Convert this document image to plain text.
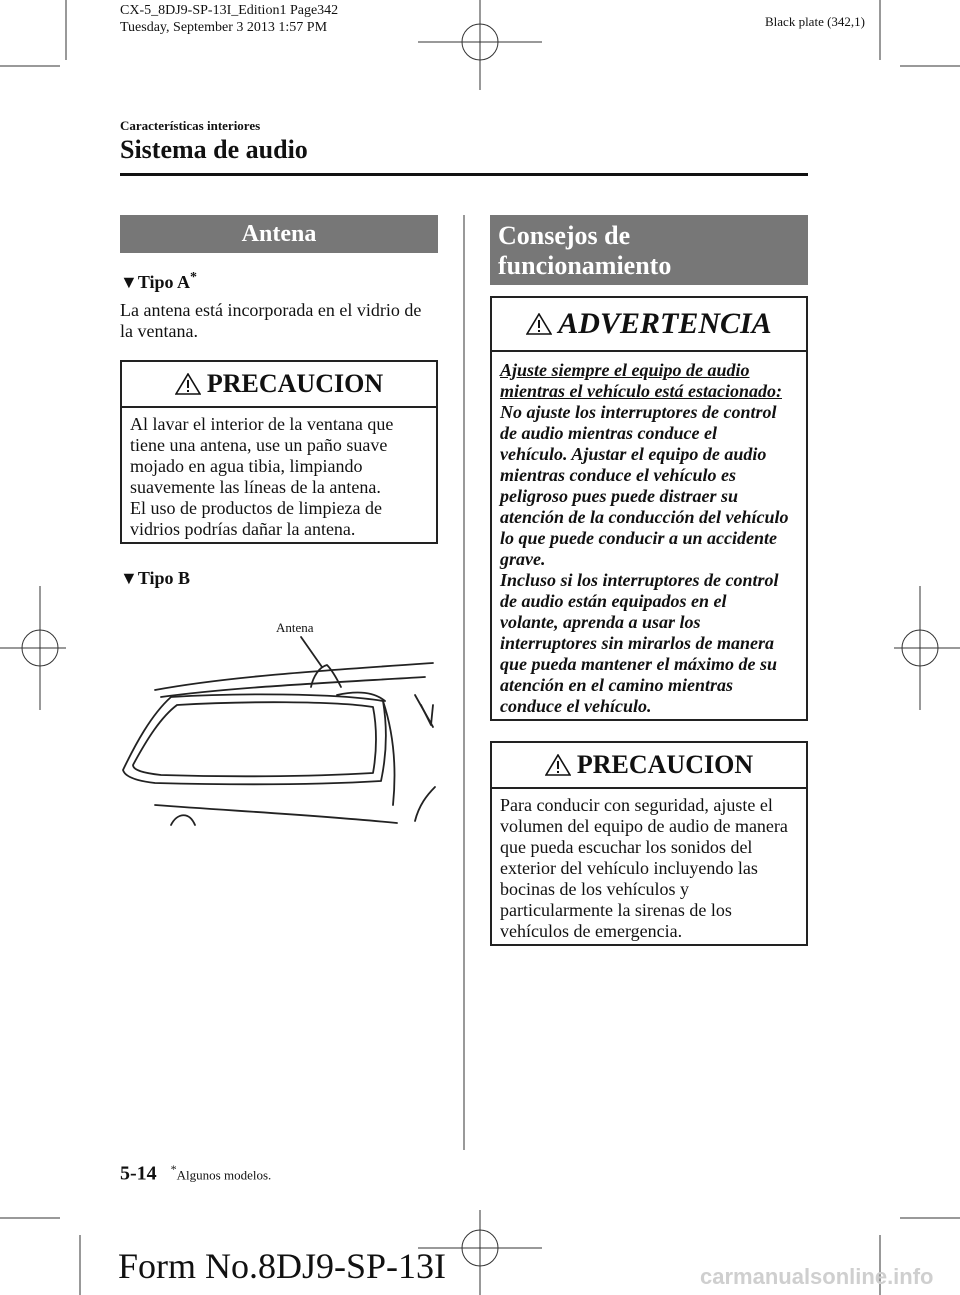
CX-5_8DJ9-SP-13I_Edition1 Page342
Tuesday, September 3 2013 1:57 PM	Black plate (342,1)
Características interiores
Sistema de audio
Antena
▼Tipo A*
La antena está incorporada en el vidrio de
la ventana.
PRECAUCION
Al lavar el interior de la ventana que
tiene una antena, use un paño suave
mojado en agua tibia, limpiando
suavemente las líneas de la antena.
El uso de productos de limpieza de
vidrios podrías dañar la antena.
▼Tipo B
Antena
Consejos de funcionamiento
para el sistema de audio
ADVERTENCIA
Ajuste siempre el equipo de audio
mientras el vehículo está estacionado:
No ajuste los interruptores de control
de audio mientras conduce el
vehículo. Ajustar el equipo de audio
mientras conduce el vehículo es
peligroso pues puede distraer su
atención de la conducción del vehículo
lo que puede conducir a un accidente
grave.
Incluso si los interruptores de control
de audio están equipados en el
volante, aprenda a usar los
interruptores sin mirarlos de manera
que pueda mantener el máximo de su
atención en el camino mientras
conduce el vehículo.
PRECAUCION
Para conducir con seguridad, ajuste el
volumen del equipo de audio de manera
que pueda escuchar los sonidos del
exterior del vehículo incluyendo las
bocinas de los vehículos y
particularmente la sirenas de los
vehículos de emergencia.
5-14 *Algunos modelos.
Form No.8DJ9-SP-13I	carmanualsonline.info
